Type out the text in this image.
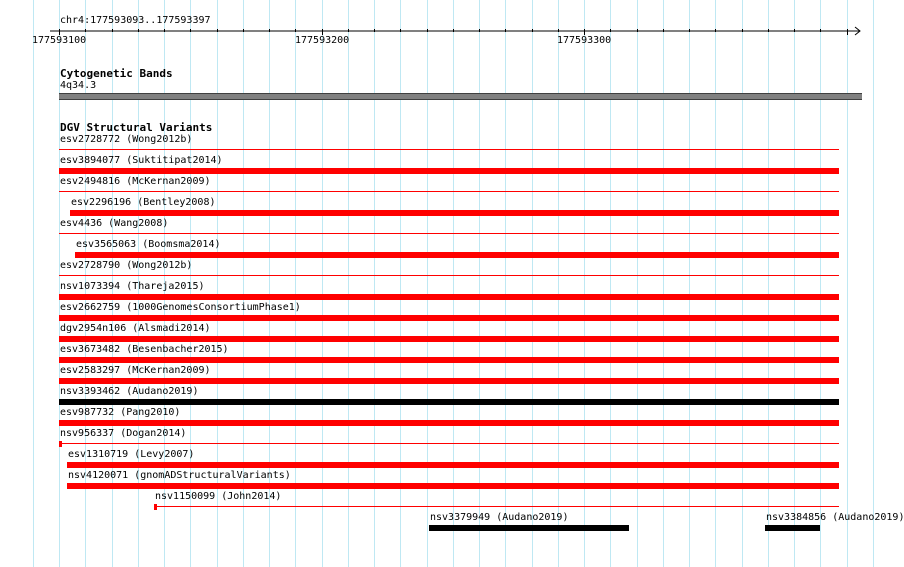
chr4:177593093..177593397
177593100	177593200	177593300
Cytogenetic Bands
4q34.3
DGV Structural Variants
esv2728772 (Wong2012b)
esv3894077 (Suktitipat2014)
esv2494816 (McKernan2009)
esv2296196 (Bentley2008)
esv4436 (Wang2008)
esv3565063 (Boomsma2014)
esv2728790 (Wong2012b)
nsv1073394 (Thareja2015)
esv2662759 (1000GenomesConsortiumPhase1)
dgv2954n106 (Alsmadi2014)
esv3673482 (Besenbacher2015)
esv2583297 (McKernan2009)
nsv3393462 (Audano2019)
esv987732 (Pang2010)
nsv956337 (Dogan2014)
esv1310719 (Levy2007)
nsv4120071 (gnomADStructuralVariants)
nsv1150099 (John2014)
nsv3379949 (Audano2019)	nsv3384856 (Audano2019)
